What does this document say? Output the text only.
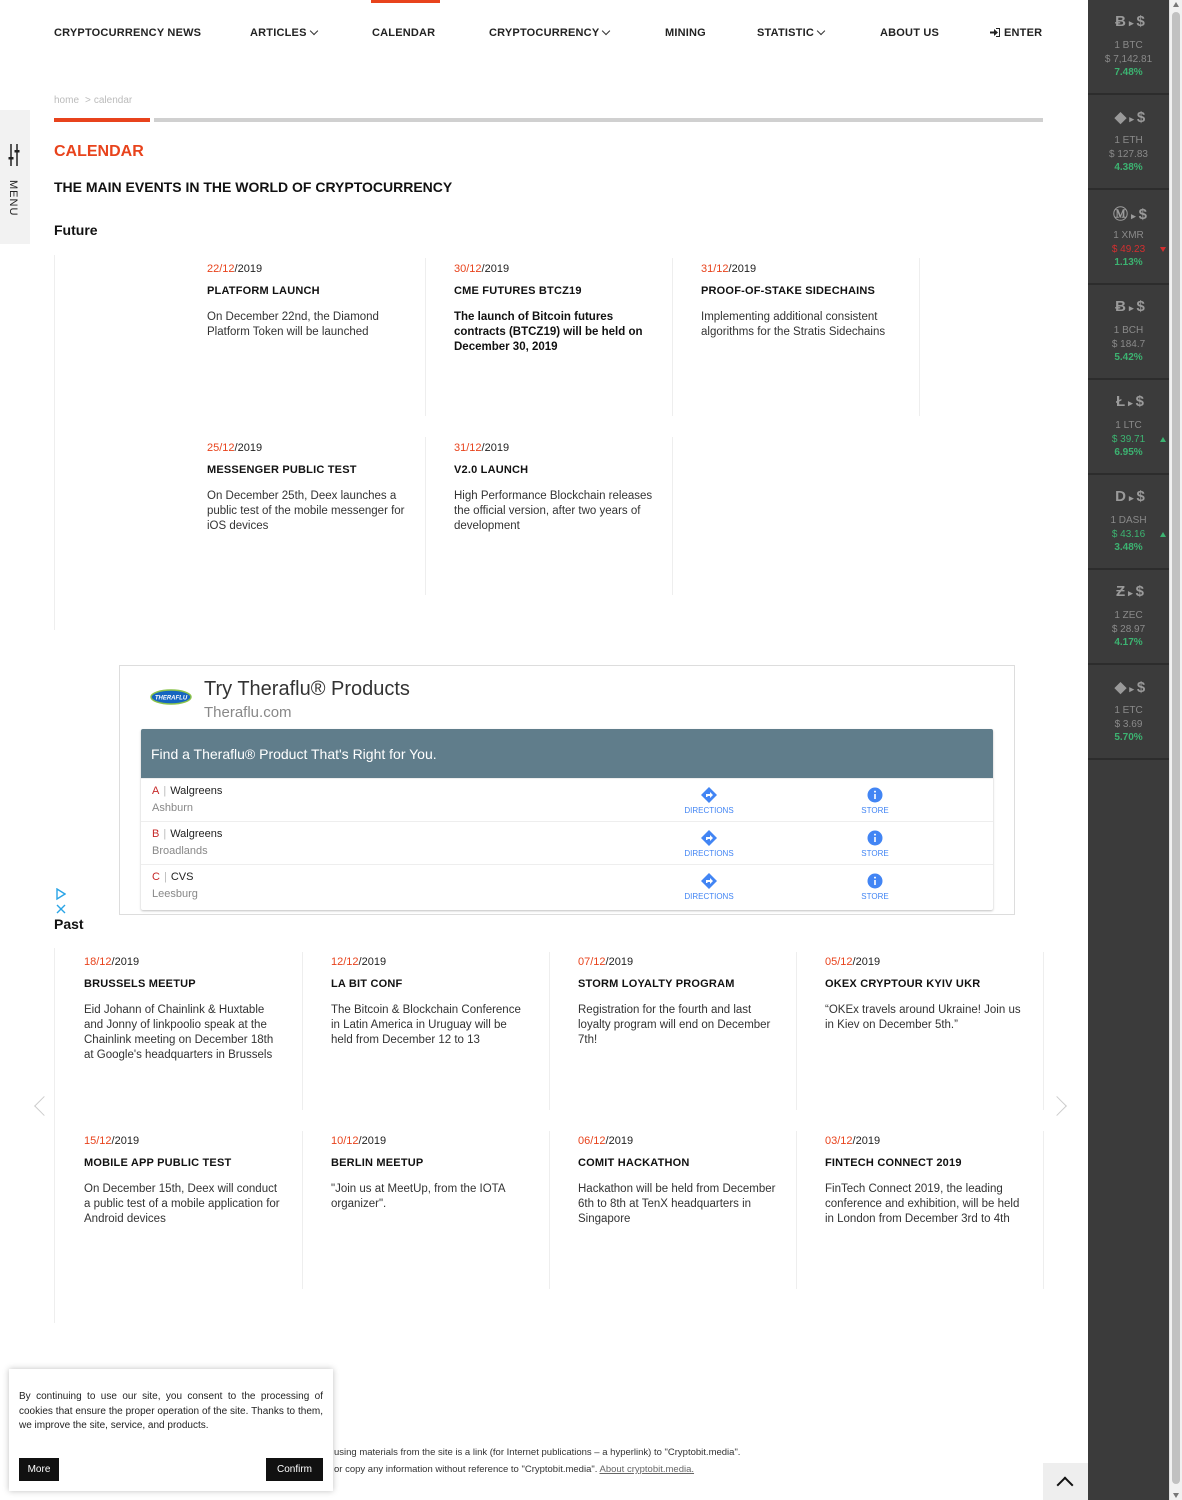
CRYPTOCURRENCY NEWS	ARTICLES	CALENDAR	CRYPTOCURRENCY	MINING	STATISTIC	ABOUT US	ENTER
MENU
home > calendar
CALENDAR
THE MAIN EVENTS IN THE WORLD OF CRYPTOCURRENCY
Future
22/12/2019
PLATFORM LAUNCH
On December 22nd, the Diamond Platform Token will be launched
30/12/2019
CME FUTURES BTCZ19
The launch of Bitcoin futures contracts (BTCZ19) will be held on December 30, 2019
31/12/2019
PROOF-OF-STAKE SIDECHAINS
Implementing additional consistent algorithms for the Stratis Sidechains
25/12/2019
MESSENGER PUBLIC TEST
On December 25th, Deex launches a public test of the mobile messenger for iOS devices
31/12/2019
V2.0 LAUNCH
High Performance Blockchain releases the official version, after two years of development
THERAFLU Try Theraflu® Products
Theraflu.com
Find a Theraflu® Product That's Right for You.
A | Walgreens
Ashburn	DIRECTIONS	STORE
B | Walgreens
Broadlands	DIRECTIONS	STORE
C | CVS
Leesburg	DIRECTIONS	STORE
Past
18/12/2019
BRUSSELS MEETUP
Eid Johann of Chainlink & Huxtable and Jonny of linkpoolio speak at the Chainlink meeting on December 18th at Google's headquarters in Brussels
12/12/2019
LA BIT CONF
The Bitcoin & Blockchain Conference in Latin America in Uruguay will be held from December 12 to 13
07/12/2019
STORM LOYALTY PROGRAM
Registration for the fourth and last loyalty program will end on December 7th!
05/12/2019
OKEX CRYPTOUR KYIV UKR
“OKEx travels around Ukraine! Join us in Kiev on December 5th.”
15/12/2019
MOBILE APP PUBLIC TEST
On December 15th, Deex will conduct a public test of a mobile application for Android devices
10/12/2019
BERLIN MEETUP
"Join us at MeetUp, from the IOTA organizer".
06/12/2019
COMIT HACKATHON
Hackathon will be held from December 6th to 8th at TenX headquarters in Singapore
03/12/2019
FINTECH CONNECT 2019
FinTech Connect 2019, the leading conference and exhibition, will be held in London from December 3rd to 4th
using materials from the site is a link (for Internet publications – a hyperlink) to "Cryptobit.media".
or copy any information without reference to "Cryptobit.media". About cryptobit.media.
By continuing to use our site, you consent to the processing of cookies that ensure the proper operation of the site. Thanks to them, we improve the site, service, and products.
More	Confirm
Ƀ ▸ $
1 BTC
$ 7,142.81
7.48%
◆ ▸ $
1 ETH
$ 127.83
4.38%
Ⓜ ▸ $
1 XMR
$ 49.23
1.13%
Ƀ ▸ $
1 BCH
$ 184.7
5.42%
Ł ▸ $
1 LTC
$ 39.71
6.95%
D ▸ $
1 DASH
$ 43.16
3.48%
Ƶ ▸ $
1 ZEC
$ 28.97
4.17%
◆ ▸ $
1 ETC
$ 3.69
5.70%
